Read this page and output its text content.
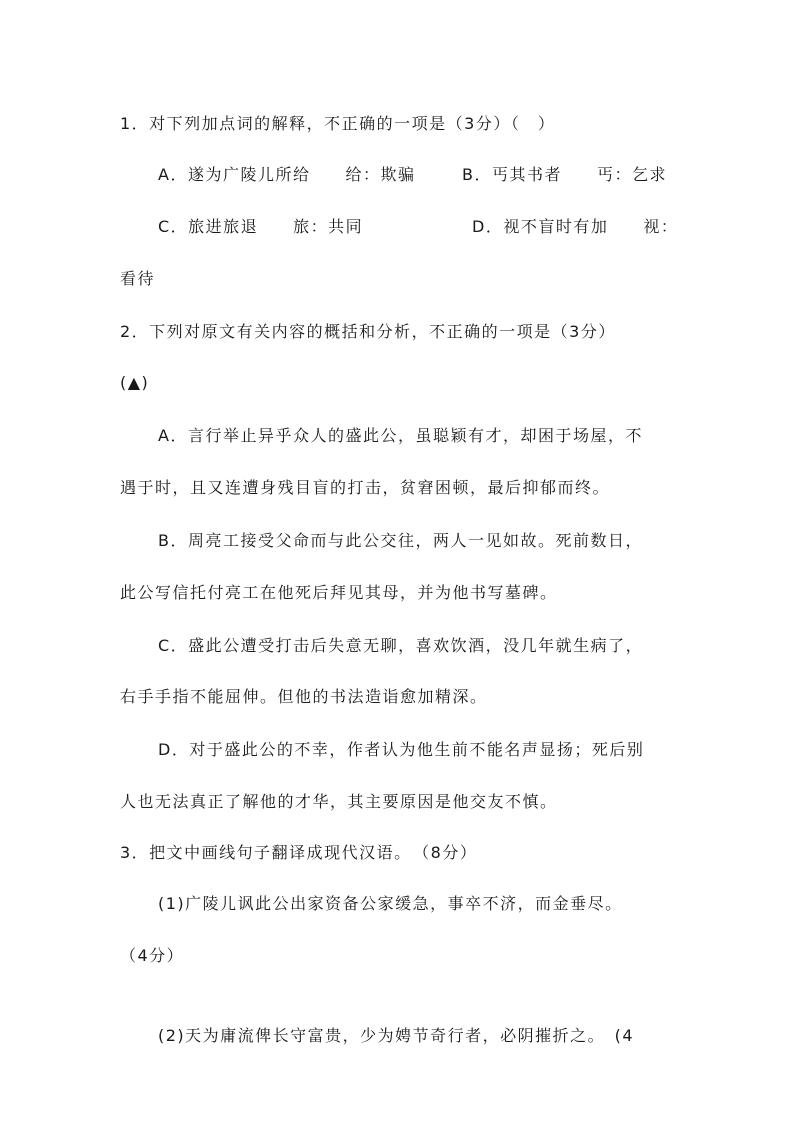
1．对下列加点词的解释，不正确的一项是（3分）（　）
A．遂为广陵儿所给　　给：欺骗	B．丐其书者　　丐：乞求
C．旅进旅退　　旅：共同	D．视不盲时有加　　视：
看待
2．下列对原文有关内容的概括和分析，不正确的一项是（3分）
(▲)
A．言行举止异乎众人的盛此公，虽聪颖有才，却困于场屋，不
遇于时，且又连遭身残目盲的打击，贫窘困顿，最后抑郁而终。
B．周亮工接受父命而与此公交往，两人一见如故。死前数日，
此公写信托付亮工在他死后拜见其母，并为他书写墓碑。
C．盛此公遭受打击后失意无聊，喜欢饮酒，没几年就生病了，
右手手指不能屈伸。但他的书法造诣愈加精深。
D．对于盛此公的不幸，作者认为他生前不能名声显扬；死后别
人也无法真正了解他的才华，其主要原因是他交友不慎。
3．把文中画线句子翻译成现代汉语。　（8分）
(1)广陵儿讽此公出家资备公家缓急，事卒不济，而金垂尽。
（4分）
(2)天为庸流俾长守富贵，少为娉节奇行者，必阴摧折之。　(4
